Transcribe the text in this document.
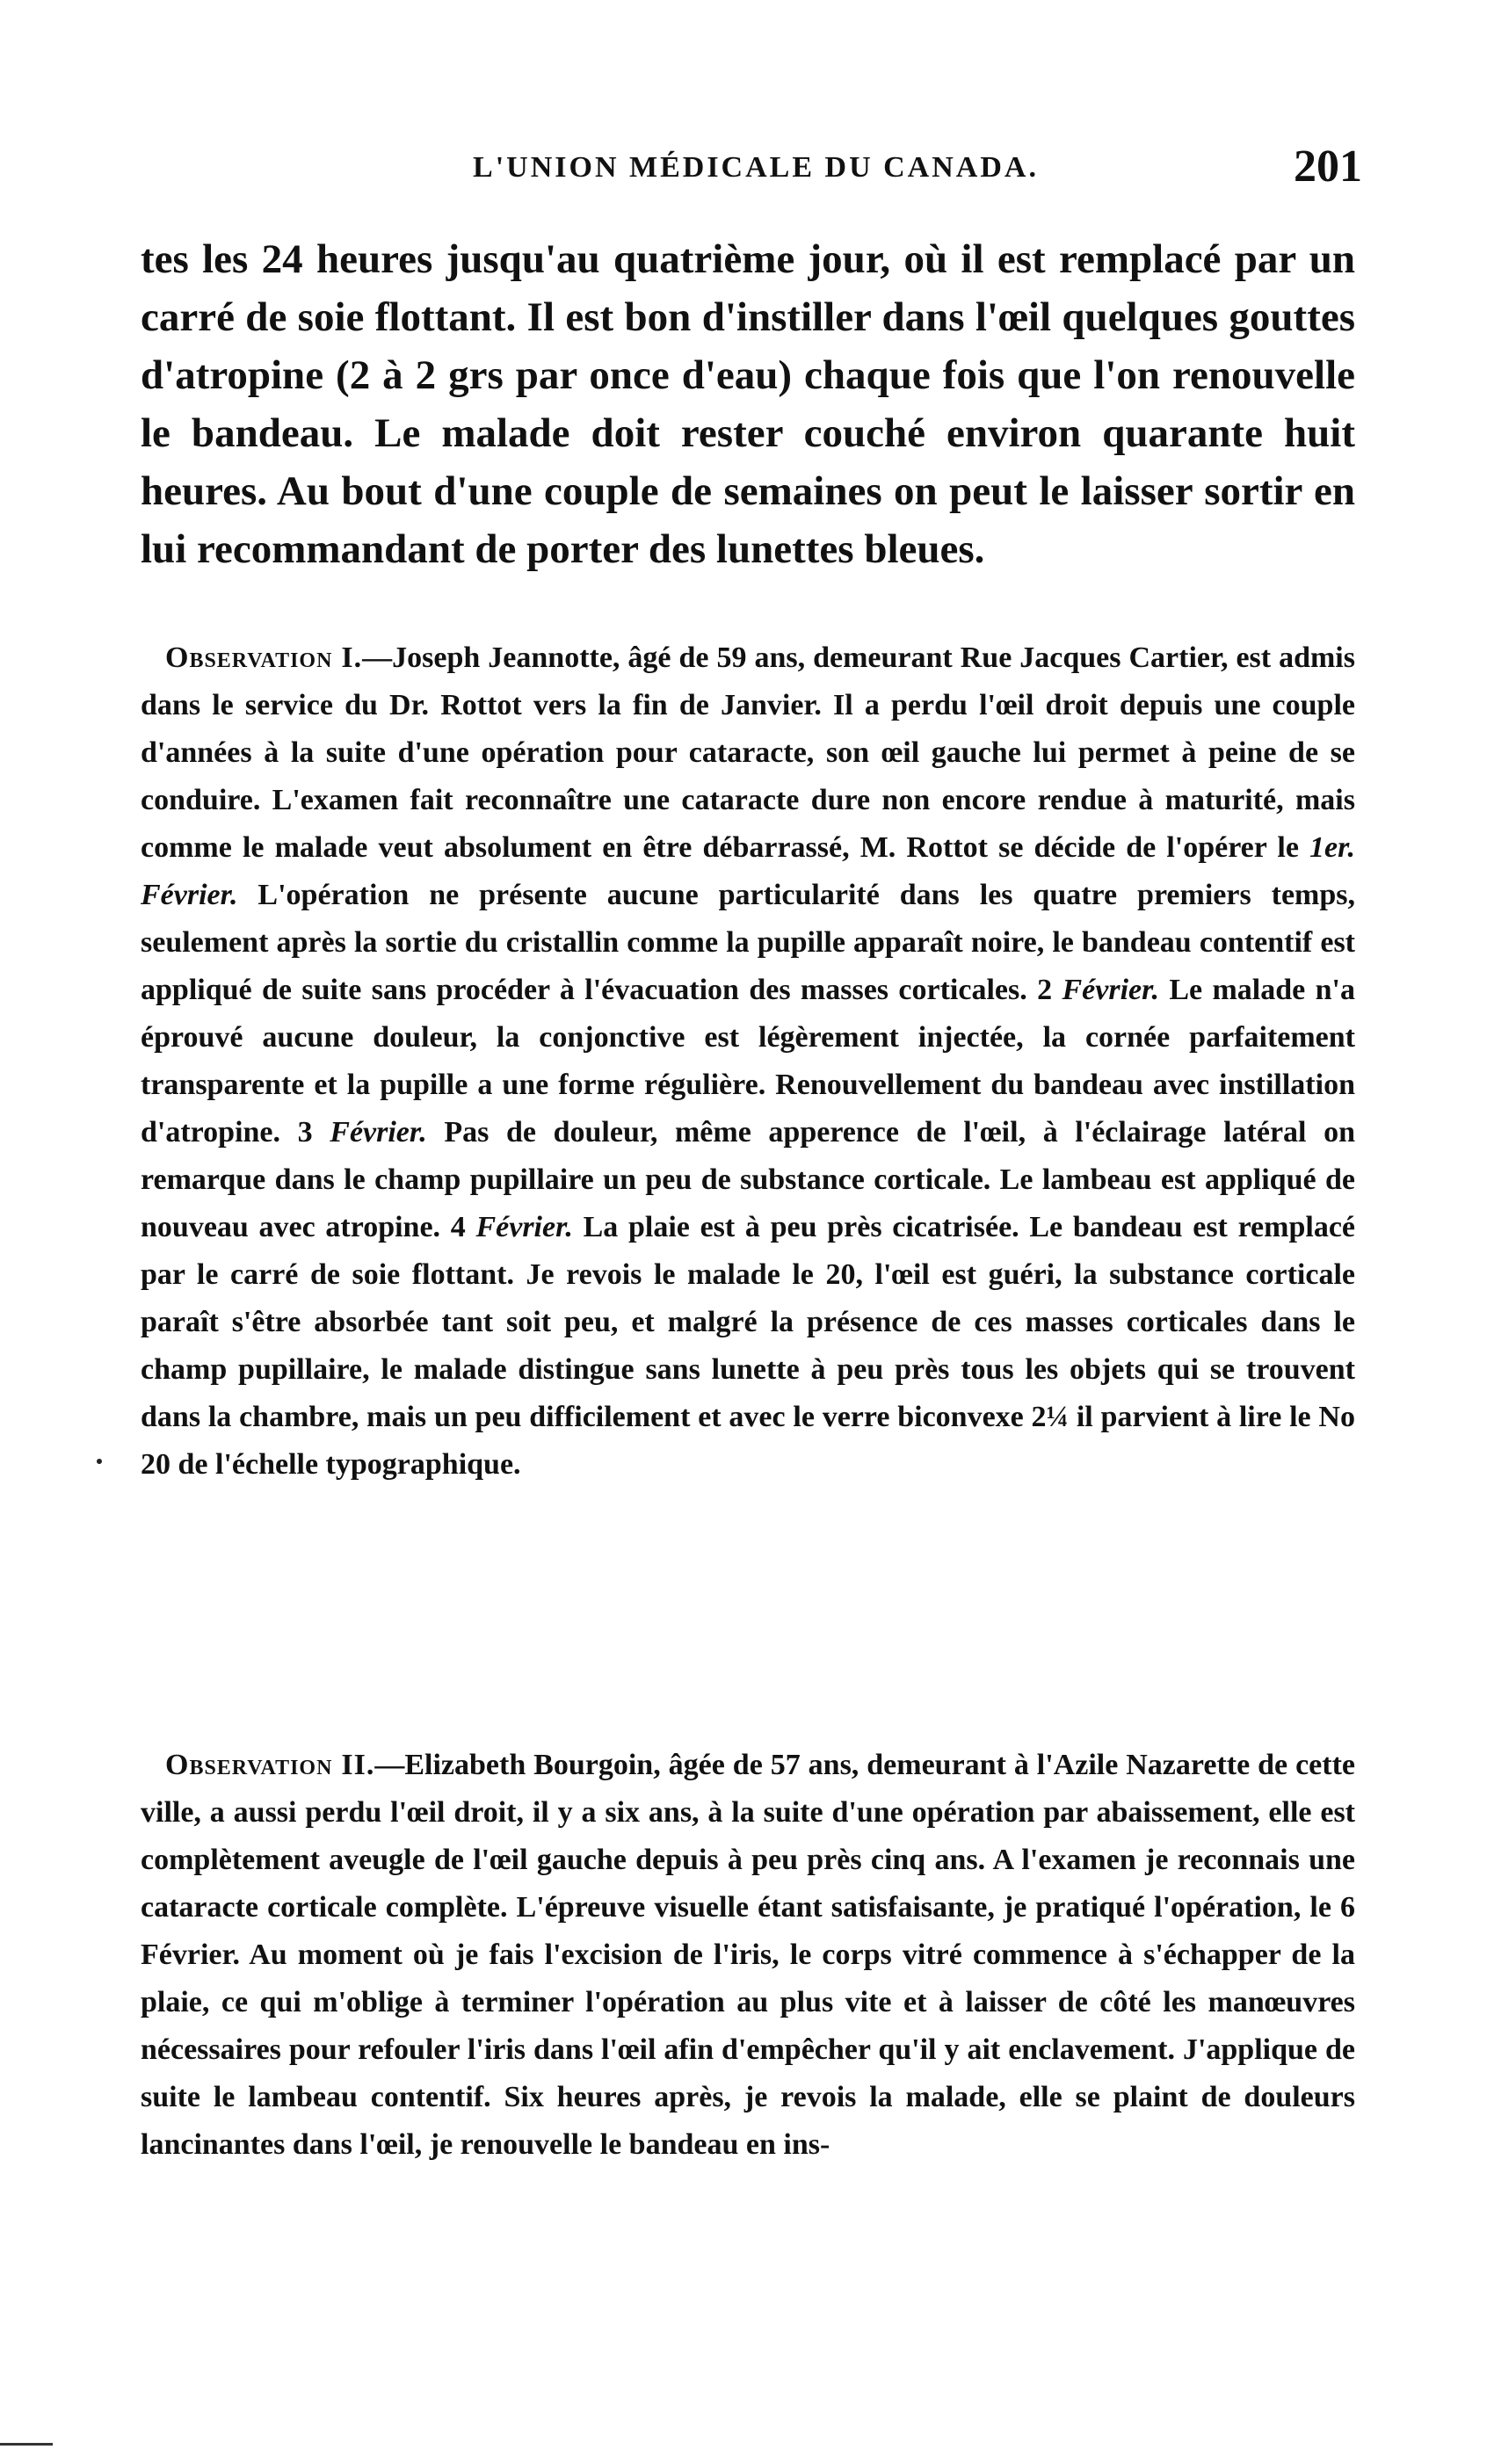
L'UNION MÉDICALE DU CANADA.	201

tes les 24 heures jusqu'au quatrième jour, où il est remplacé par un carré de soie flottant. Il est bon d'instiller dans l'œil quelques gouttes d'atropine (2 à 2 grs par once d'eau) chaque fois que l'on renouvelle le bandeau. Le malade doit rester couché environ quarante huit heures. Au bout d'une couple de semaines on peut le laisser sortir en lui recommandant de porter des lunettes bleues.

Observation I.—Joseph Jeannotte, âgé de 59 ans, demeurant Rue Jacques Cartier, est admis dans le service du Dr. Rottot vers la fin de Janvier. Il a perdu l'œil droit depuis une couple d'années à la suite d'une opération pour cataracte, son œil gauche lui permet à peine de se conduire. L'examen fait reconnaître une cataracte dure non encore rendue à maturité, mais comme le malade veut absolument en être débarrassé, M. Rottot se décide de l'opérer le 1er. Février. L'opération ne présente aucune particularité dans les quatre premiers temps, seulement après la sortie du cristallin comme la pupille apparaît noire, le bandeau contentif est appliqué de suite sans procéder à l'évacuation des masses corticales. 2 Février. Le malade n'a éprouvé aucune douleur, la conjonctive est légèrement injectée, la cornée parfaitement transparente et la pupille a une forme régulière. Renouvellement du bandeau avec instillation d'atropine. 3 Février. Pas de douleur, même apperence de l'œil, à l'éclairage latéral on remarque dans le champ pupillaire un peu de substance corticale. Le lambeau est appliqué de nouveau avec atropine. 4 Février. La plaie est à peu près cicatrisée. Le bandeau est remplacé par le carré de soie flottant. Je revois le malade le 20, l'œil est guéri, la substance corticale paraît s'être absorbée tant soit peu, et malgré la présence de ces masses corticales dans le champ pupillaire, le malade distingue sans lunette à peu près tous les objets qui se trouvent dans la chambre, mais un peu difficilement et avec le verre biconvexe 2¼ il parvient à lire le No 20 de l'échelle typographique.

Observation II.—Elizabeth Bourgoin, âgée de 57 ans, demeurant à l'Azile Nazarette de cette ville, a aussi perdu l'œil droit, il y a six ans, à la suite d'une opération par abaissement, elle est complètement aveugle de l'œil gauche depuis à peu près cinq ans. A l'examen je reconnais une cataracte corticale complète. L'épreuve visuelle étant satisfaisante, je pratiqué l'opération, le 6 Février. Au moment où je fais l'excision de l'iris, le corps vitré commence à s'échapper de la plaie, ce qui m'oblige à terminer l'opération au plus vite et à laisser de côté les manœuvres nécessaires pour refouler l'iris dans l'œil afin d'empêcher qu'il y ait enclavement. J'applique de suite le lambeau contentif. Six heures après, je revois la malade, elle se plaint de douleurs lancinantes dans l'œil, je renouvelle le bandeau en ins-
